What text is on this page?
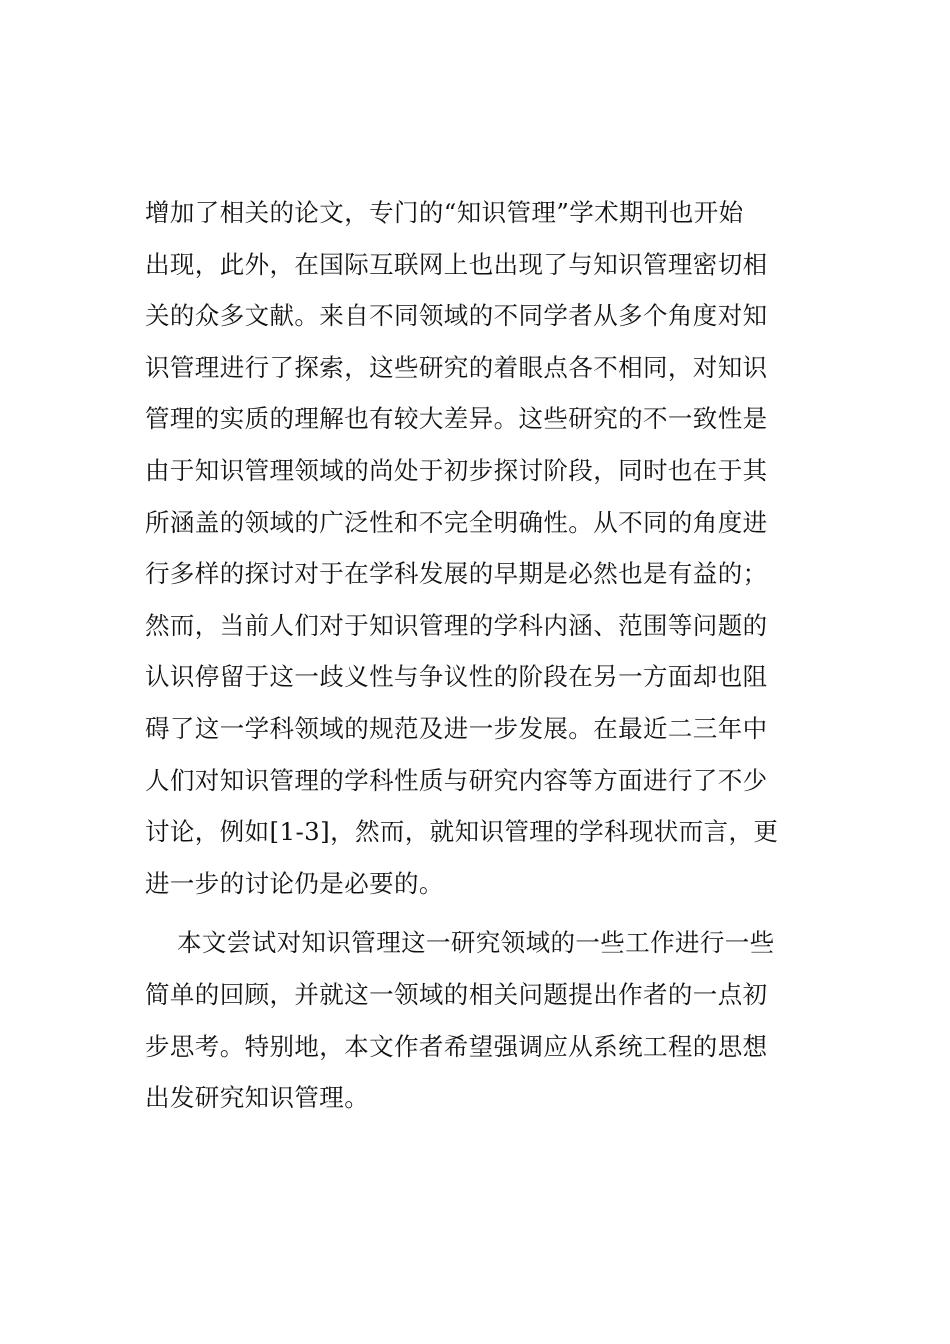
增加了相关的论文，专门的“知识管理”学术期刊也开始
出现，此外，在国际互联网上也出现了与知识管理密切相
关的众多文献。来自不同领域的不同学者从多个角度对知
识管理进行了探索，这些研究的着眼点各不相同，对知识
管理的实质的理解也有较大差异。这些研究的不一致性是
由于知识管理领域的尚处于初步探讨阶段，同时也在于其
所涵盖的领域的广泛性和不完全明确性。从不同的角度进
行多样的探讨对于在学科发展的早期是必然也是有益的；
然而，当前人们对于知识管理的学科内涵、范围等问题的
认识停留于这一歧义性与争议性的阶段在另一方面却也阻
碍了这一学科领域的规范及进一步发展。在最近二三年中
人们对知识管理的学科性质与研究内容等方面进行了不少
讨论，例如[1-3]，然而，就知识管理的学科现状而言，更
进一步的讨论仍是必要的。
本文尝试对知识管理这一研究领域的一些工作进行一些
简单的回顾，并就这一领域的相关问题提出作者的一点初
步思考。特别地，本文作者希望强调应从系统工程的思想
出发研究知识管理。
